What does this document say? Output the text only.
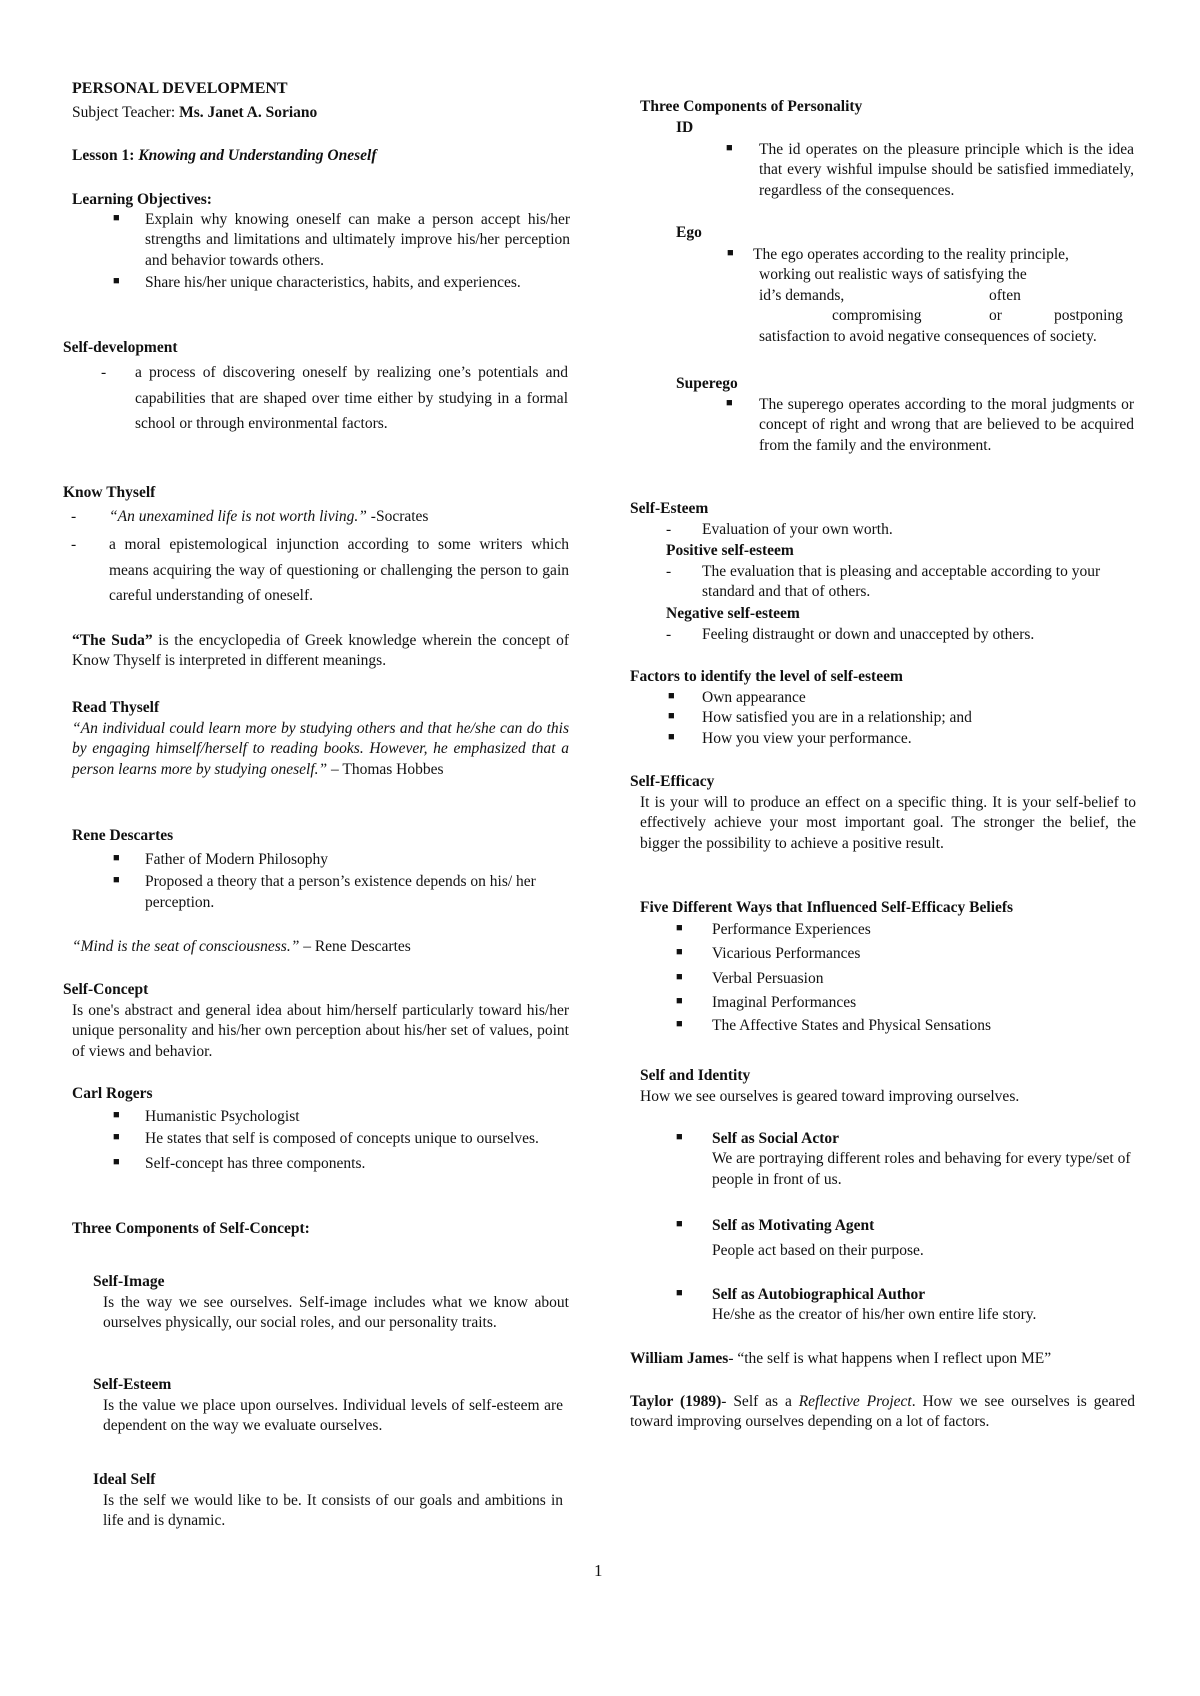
PERSONAL DEVELOPMENT
Subject Teacher: Ms. Janet A. Soriano
Lesson 1: Knowing and Understanding Oneself
Learning Objectives:
■ Explain why knowing oneself can make a person accept his/her strengths and limitations and ultimately improve his/her perception and behavior towards others.
■ Share his/her unique characteristics, habits, and experiences.
Self-development
- a process of discovering oneself by realizing one’s potentials and capabilities that are shaped over time either by studying in a formal school or through environmental factors.
Know Thyself
- “An unexamined life is not worth living.” -Socrates
- a moral epistemological injunction according to some writers which means acquiring the way of questioning or challenging the person to gain careful understanding of oneself.
“The Suda” is the encyclopedia of Greek knowledge wherein the concept of Know Thyself is interpreted in different meanings.
Read Thyself
“An individual could learn more by studying others and that he/she can do this by engaging himself/herself to reading books. However, he emphasized that a person learns more by studying oneself.” – Thomas Hobbes
Rene Descartes
■ Father of Modern Philosophy
■ Proposed a theory that a person’s existence depends on his/ her perception.
“Mind is the seat of consciousness.” – Rene Descartes
Self-Concept
Is one's abstract and general idea about him/herself particularly toward his/her unique personality and his/her own perception about his/her set of values, point of views and behavior.
Carl Rogers
■ Humanistic Psychologist
■ He states that self is composed of concepts unique to ourselves.
■ Self-concept has three components.
Three Components of Self-Concept:
Self-Image
Is the way we see ourselves. Self-image includes what we know about ourselves physically, our social roles, and our personality traits.
Self-Esteem
Is the value we place upon ourselves. Individual levels of self-esteem are dependent on the way we evaluate ourselves.
Ideal Self
Is the self we would like to be. It consists of our goals and ambitions in life and is dynamic.
Three Components of Personality
ID
■ The id operates on the pleasure principle which is the idea that every wishful impulse should be satisfied immediately, regardless of the consequences.
Ego
■ The ego operates according to the reality principle,
working out realistic ways of satisfying the
id’s demands,	often
compromising	or	postponing
satisfaction to avoid negative consequences of society.
Superego
■ The superego operates according to the moral judgments or concept of right and wrong that are believed to be acquired from the family and the environment.
Self-Esteem
- Evaluation of your own worth.
Positive self-esteem
- The evaluation that is pleasing and acceptable according to your standard and that of others.
Negative self-esteem
- Feeling distraught or down and unaccepted by others.
Factors to identify the level of self-esteem
■ Own appearance
■ How satisfied you are in a relationship; and
■ How you view your performance.
Self-Efficacy
It is your will to produce an effect on a specific thing. It is your self-belief to effectively achieve your most important goal. The stronger the belief, the bigger the possibility to achieve a positive result.
Five Different Ways that Influenced Self-Efficacy Beliefs
■ Performance Experiences
■ Vicarious Performances
■ Verbal Persuasion
■ Imaginal Performances
■ The Affective States and Physical Sensations
Self and Identity
How we see ourselves is geared toward improving ourselves.
■ Self as Social Actor
We are portraying different roles and behaving for every type/set of people in front of us.
■ Self as Motivating Agent
People act based on their purpose.
■ Self as Autobiographical Author
He/she as the creator of his/her own entire life story.
William James- “the self is what happens when I reflect upon ME”
Taylor (1989)- Self as a Reflective Project. How we see ourselves is geared toward improving ourselves depending on a lot of factors.
1
